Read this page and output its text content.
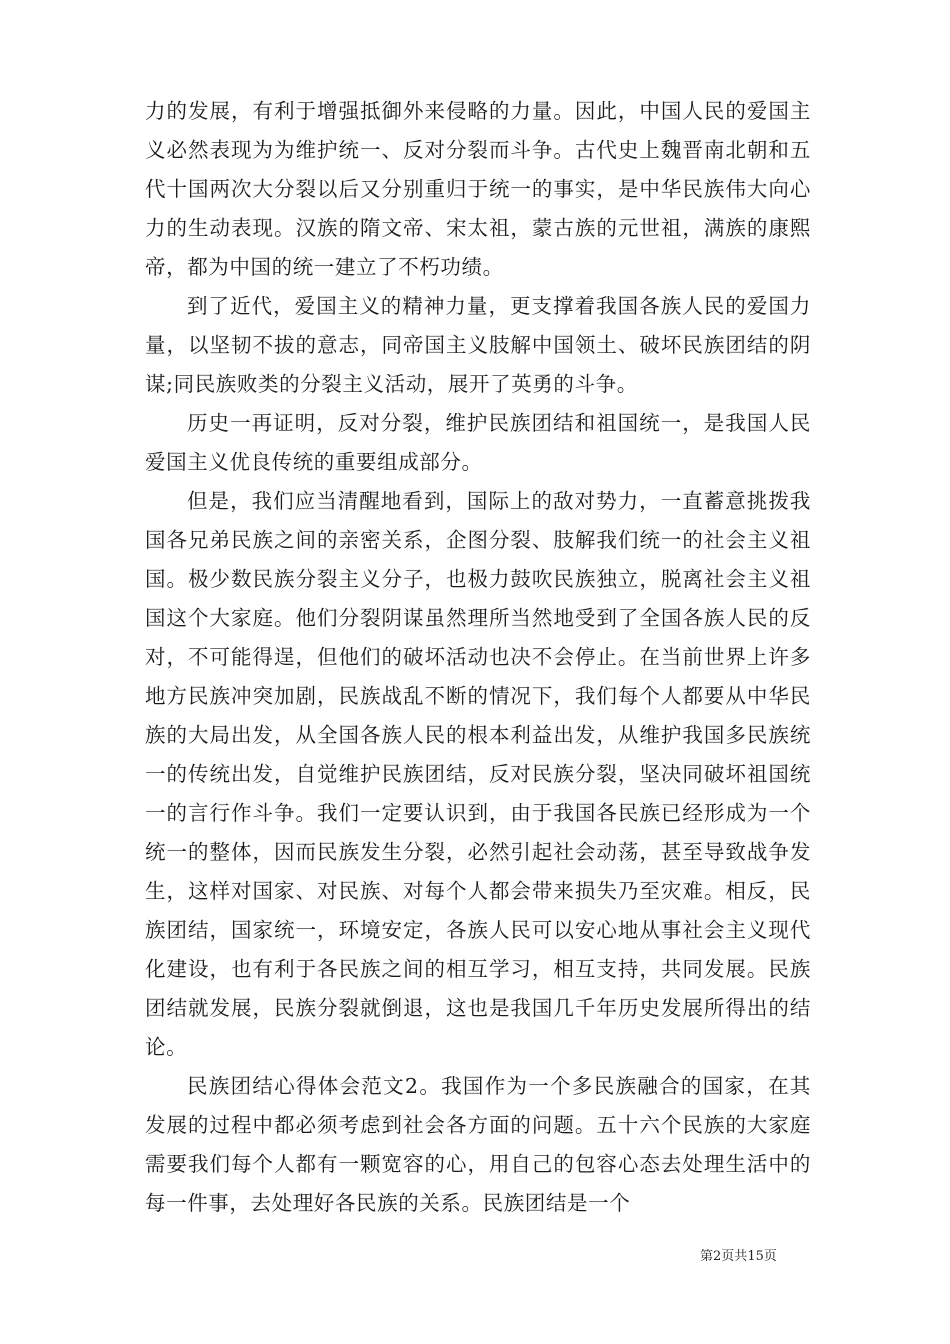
力的发展，有利于增强抵御外来侵略的力量。因此，中国人民的爱国主义必然表现为为维护统一、反对分裂而斗争。古代史上魏晋南北朝和五代十国两次大分裂以后又分别重归于统一的事实，是中华民族伟大向心力的生动表现。汉族的隋文帝、宋太祖，蒙古族的元世祖，满族的康熙帝，都为中国的统一建立了不朽功绩。

到了近代，爱国主义的精神力量，更支撑着我国各族人民的爱国力量，以坚韧不拔的意志，同帝国主义肢解中国领土、破坏民族团结的阴谋;同民族败类的分裂主义活动，展开了英勇的斗争。

历史一再证明，反对分裂，维护民族团结和祖国统一，是我国人民爱国主义优良传统的重要组成部分。

但是，我们应当清醒地看到，国际上的敌对势力，一直蓄意挑拨我国各兄弟民族之间的亲密关系，企图分裂、肢解我们统一的社会主义祖国。极少数民族分裂主义分子，也极力鼓吹民族独立，脱离社会主义祖国这个大家庭。他们分裂阴谋虽然理所当然地受到了全国各族人民的反对，不可能得逞，但他们的破坏活动也决不会停止。在当前世界上许多地方民族冲突加剧，民族战乱不断的情况下，我们每个人都要从中华民族的大局出发，从全国各族人民的根本利益出发，从维护我国多民族统一的传统出发，自觉维护民族团结，反对民族分裂，坚决同破坏祖国统一的言行作斗争。我们一定要认识到，由于我国各民族已经形成为一个统一的整体，因而民族发生分裂，必然引起社会动荡，甚至导致战争发生，这样对国家、对民族、对每个人都会带来损失乃至灾难。相反，民族团结，国家统一，环境安定，各族人民可以安心地从事社会主义现代化建设，也有利于各民族之间的相互学习，相互支持，共同发展。民族团结就发展，民族分裂就倒退，这也是我国几千年历史发展所得出的结论。

民族团结心得体会范文2。我国作为一个多民族融合的国家，在其发展的过程中都必须考虑到社会各方面的问题。五十六个民族的大家庭需要我们每个人都有一颗宽容的心，用自己的包容心态去处理生活中的每一件事，去处理好各民族的关系。民族团结是一个

第2页共15页
